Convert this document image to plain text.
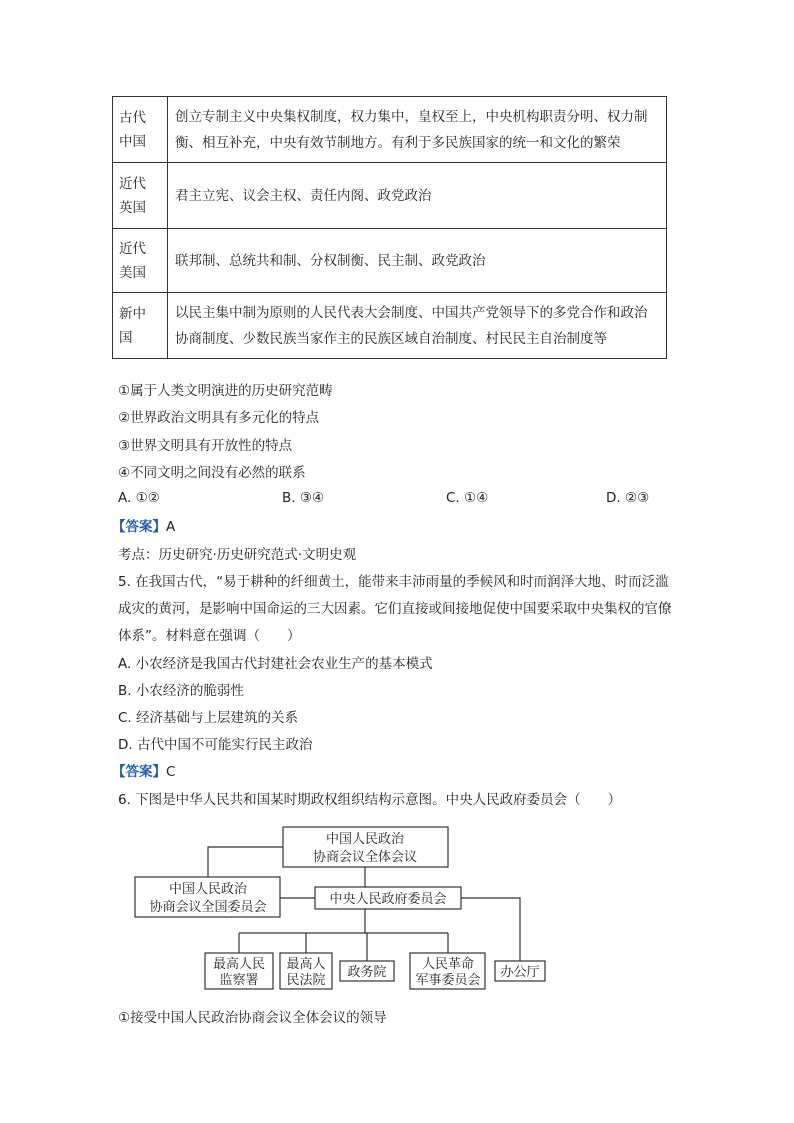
古代
中国	创立专制主义中央集权制度，权力集中，皇权至上，中央机构职责分明、权力制衡、相互补充，中央有效节制地方。有利于多民族国家的统一和文化的繁荣
近代
英国	君主立宪、议会主权、责任内阁、政党政治
近代
美国	联邦制、总统共和制、分权制衡、民主制、政党政治
新中
国	以民主集中制为原则的人民代表大会制度、中国共产党领导下的多党合作和政治协商制度、少数民族当家作主的民族区域自治制度、村民民主自治制度等
①属于人类文明演进的历史研究范畴
②世界政治文明具有多元化的特点
③世界文明具有开放性的特点
④不同文明之间没有必然的联系
A. ①②	B. ③④	C. ①④	D. ②③
【答案】A
考点：历史研究·历史研究范式·文明史观
5. 在我国古代，“易于耕种的纤细黄土，能带来丰沛雨量的季候风和时而润泽大地、时而泛滥成灾的黄河，是影响中国命运的三大因素。它们直接或间接地促使中国要采取中央集权的官僚体系”。材料意在强调（　　）
A. 小农经济是我国古代封建社会农业生产的基本模式
B. 小农经济的脆弱性
C. 经济基础与上层建筑的关系
D. 古代中国不可能实行民主政治
【答案】C
6. 下图是中华人民共和国某时期政权组织结构示意图。中央人民政府委员会（　　）
中国人民政治
协商会议全体会议
中国人民政治
协商会议全国委员会
中央人民政府委员会
最高人民
监察署
最高人
民法院
政务院
人民革命
军事委员会
办公厅
①接受中国人民政治协商会议全体会议的领导
